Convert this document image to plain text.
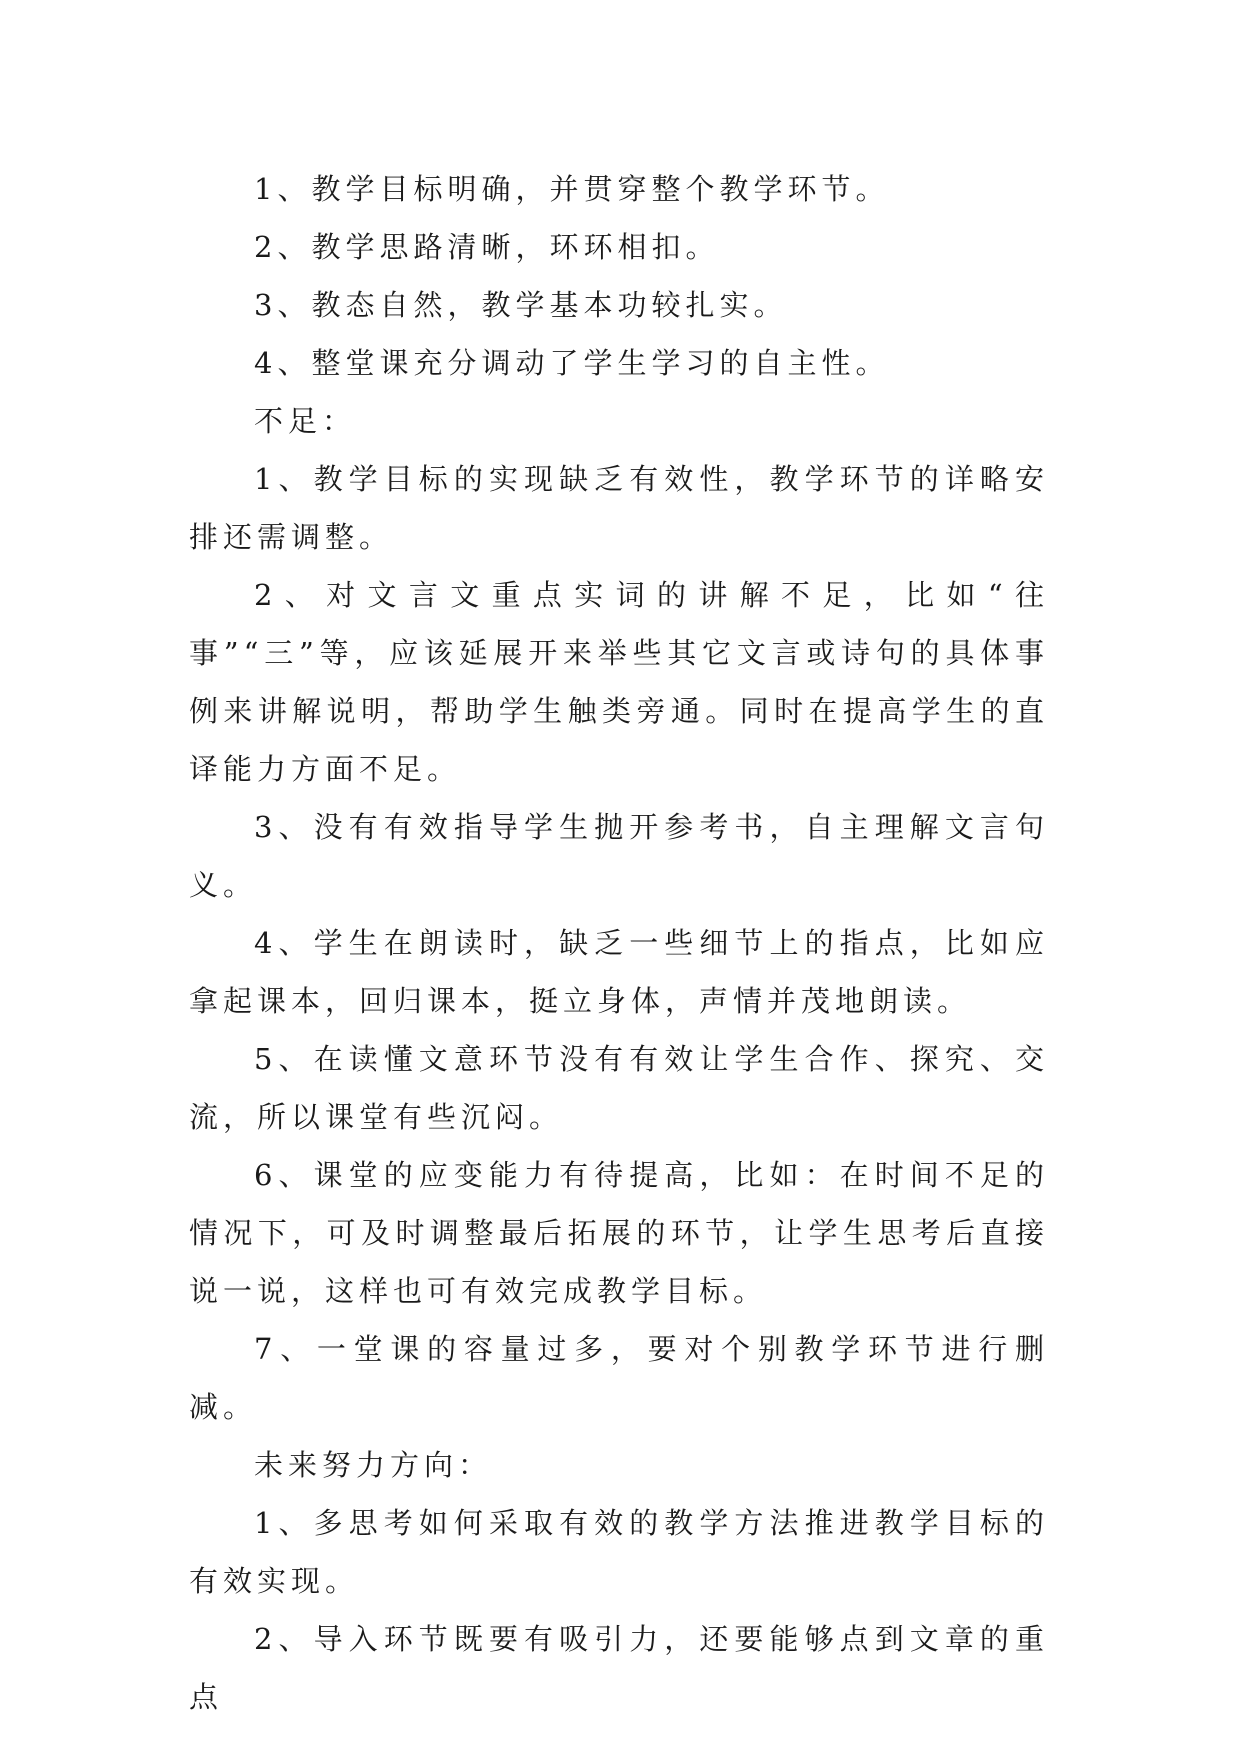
1、教学目标明确，并贯穿整个教学环节。

2、教学思路清晰，环环相扣。

3、教态自然，教学基本功较扎实。

4、整堂课充分调动了学生学习的自主性。

不足：

1、教学目标的实现缺乏有效性，教学环节的详略安排还需调整。

2、对文言文重点实词的讲解不足，比如“往事”“三”等，应该延展开来举些其它文言或诗句的具体事例来讲解说明，帮助学生触类旁通。同时在提高学生的直译能力方面不足。

3、没有有效指导学生抛开参考书，自主理解文言句义。

4、学生在朗读时，缺乏一些细节上的指点，比如应拿起课本，回归课本，挺立身体，声情并茂地朗读。

5、在读懂文意环节没有有效让学生合作、探究、交流，所以课堂有些沉闷。

6、课堂的应变能力有待提高，比如：在时间不足的情况下，可及时调整最后拓展的环节，让学生思考后直接说一说，这样也可有效完成教学目标。

7、一堂课的容量过多，要对个别教学环节进行删减。

未来努力方向：

1、多思考如何采取有效的教学方法推进教学目标的有效实现。

2、导入环节既要有吸引力，还要能够点到文章的重点
